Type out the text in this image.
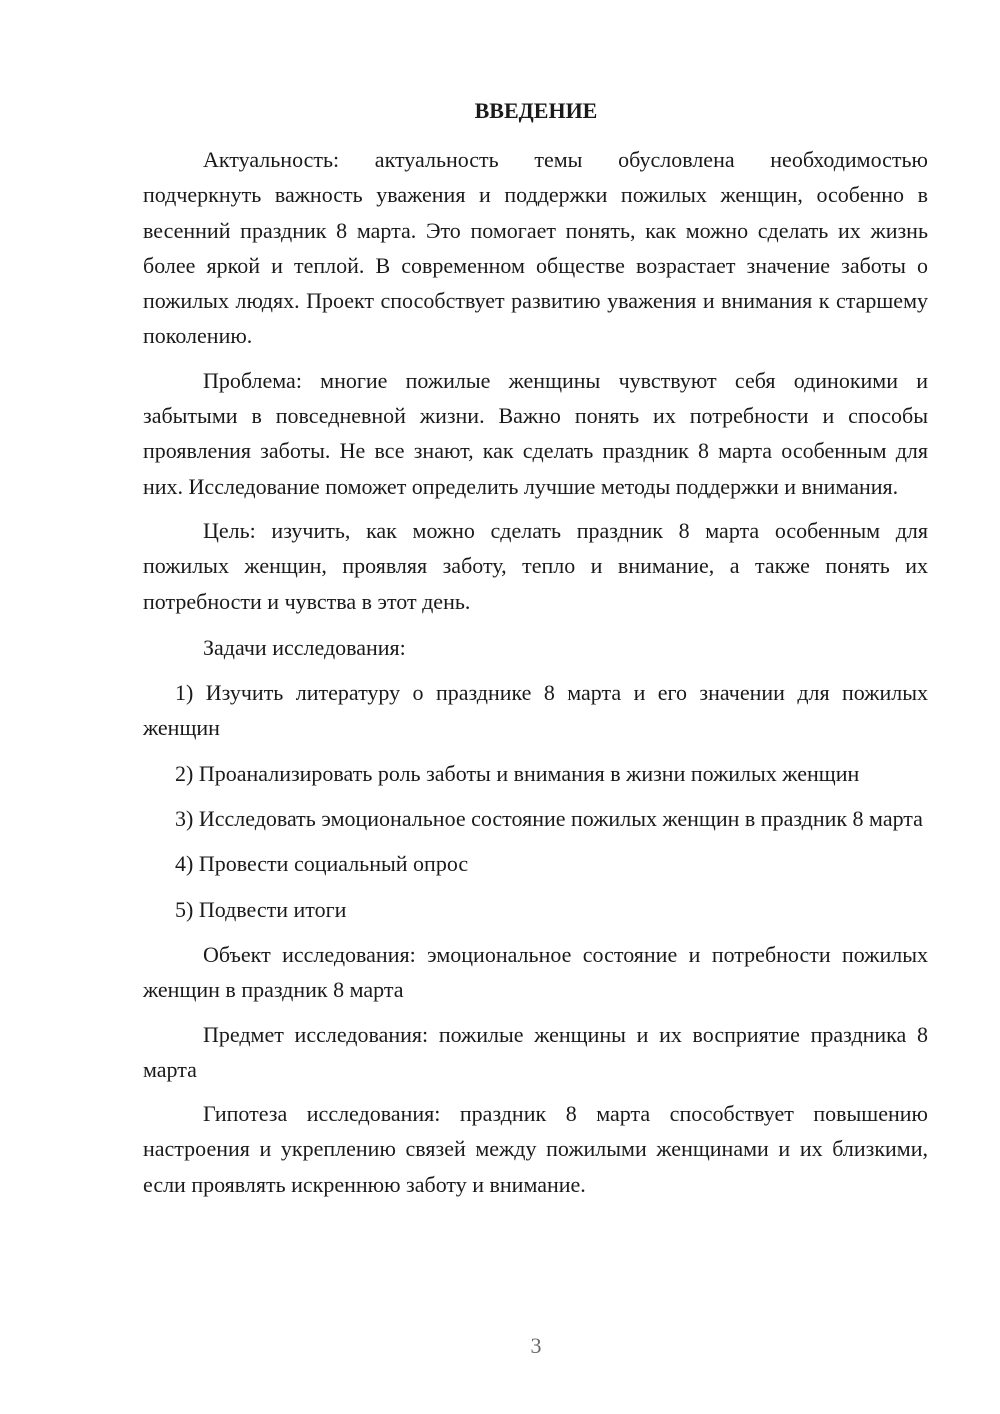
ВВЕДЕНИЕ

Актуальность: актуальность темы обусловлена необходимостью подчеркнуть важность уважения и поддержки пожилых женщин, особенно в весенний праздник 8 марта. Это помогает понять, как можно сделать их жизнь более яркой и теплой. В современном обществе возрастает значение заботы о пожилых людях. Проект способствует развитию уважения и внимания к старшему поколению.

Проблема: многие пожилые женщины чувствуют себя одинокими и забытыми в повседневной жизни. Важно понять их потребности и способы проявления заботы. Не все знают, как сделать праздник 8 марта особенным для них. Исследование поможет определить лучшие методы поддержки и внимания.

Цель: изучить, как можно сделать праздник 8 марта особенным для пожилых женщин, проявляя заботу, тепло и внимание, а также понять их потребности и чувства в этот день.

Задачи исследования:

1) Изучить литературу о празднике 8 марта и его значении для пожилых женщин

2) Проанализировать роль заботы и внимания в жизни пожилых женщин

3) Исследовать эмоциональное состояние пожилых женщин в праздник 8 марта

4) Провести социальный опрос

5) Подвести итоги

Объект исследования: эмоциональное состояние и потребности пожилых женщин в праздник 8 марта

Предмет исследования: пожилые женщины и их восприятие праздника 8 марта

Гипотеза исследования: праздник 8 марта способствует повышению настроения и укреплению связей между пожилыми женщинами и их близкими, если проявлять искреннюю заботу и внимание.

3
